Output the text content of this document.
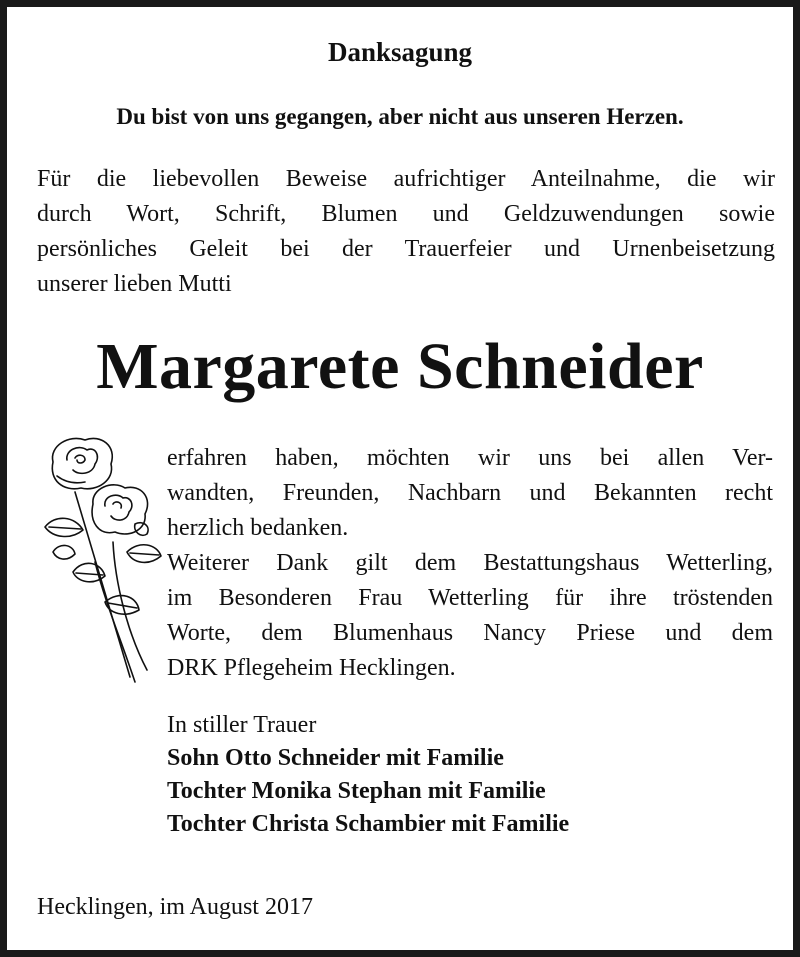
Danksagung
Du bist von uns gegangen, aber nicht aus unseren Herzen.
Für die liebevollen Beweise aufrichtiger Anteilnahme, die wir
durch Wort, Schrift, Blumen und Geldzuwendungen sowie
persönliches Geleit bei der Trauerfeier und Urnenbeisetzung
unserer lieben Mutti
Margarete Schneider
erfahren haben, möchten wir uns bei allen Ver-
wandten, Freunden, Nachbarn und Bekannten recht
herzlich bedanken.
Weiterer Dank gilt dem Bestattungshaus Wetterling,
im Besonderen Frau Wetterling für ihre tröstenden
Worte, dem Blumenhaus Nancy Priese und dem
DRK Pflegeheim Hecklingen.
In stiller Trauer
Sohn Otto Schneider mit Familie
Tochter Monika Stephan mit Familie
Tochter Christa Schambier mit Familie
Hecklingen, im August 2017
